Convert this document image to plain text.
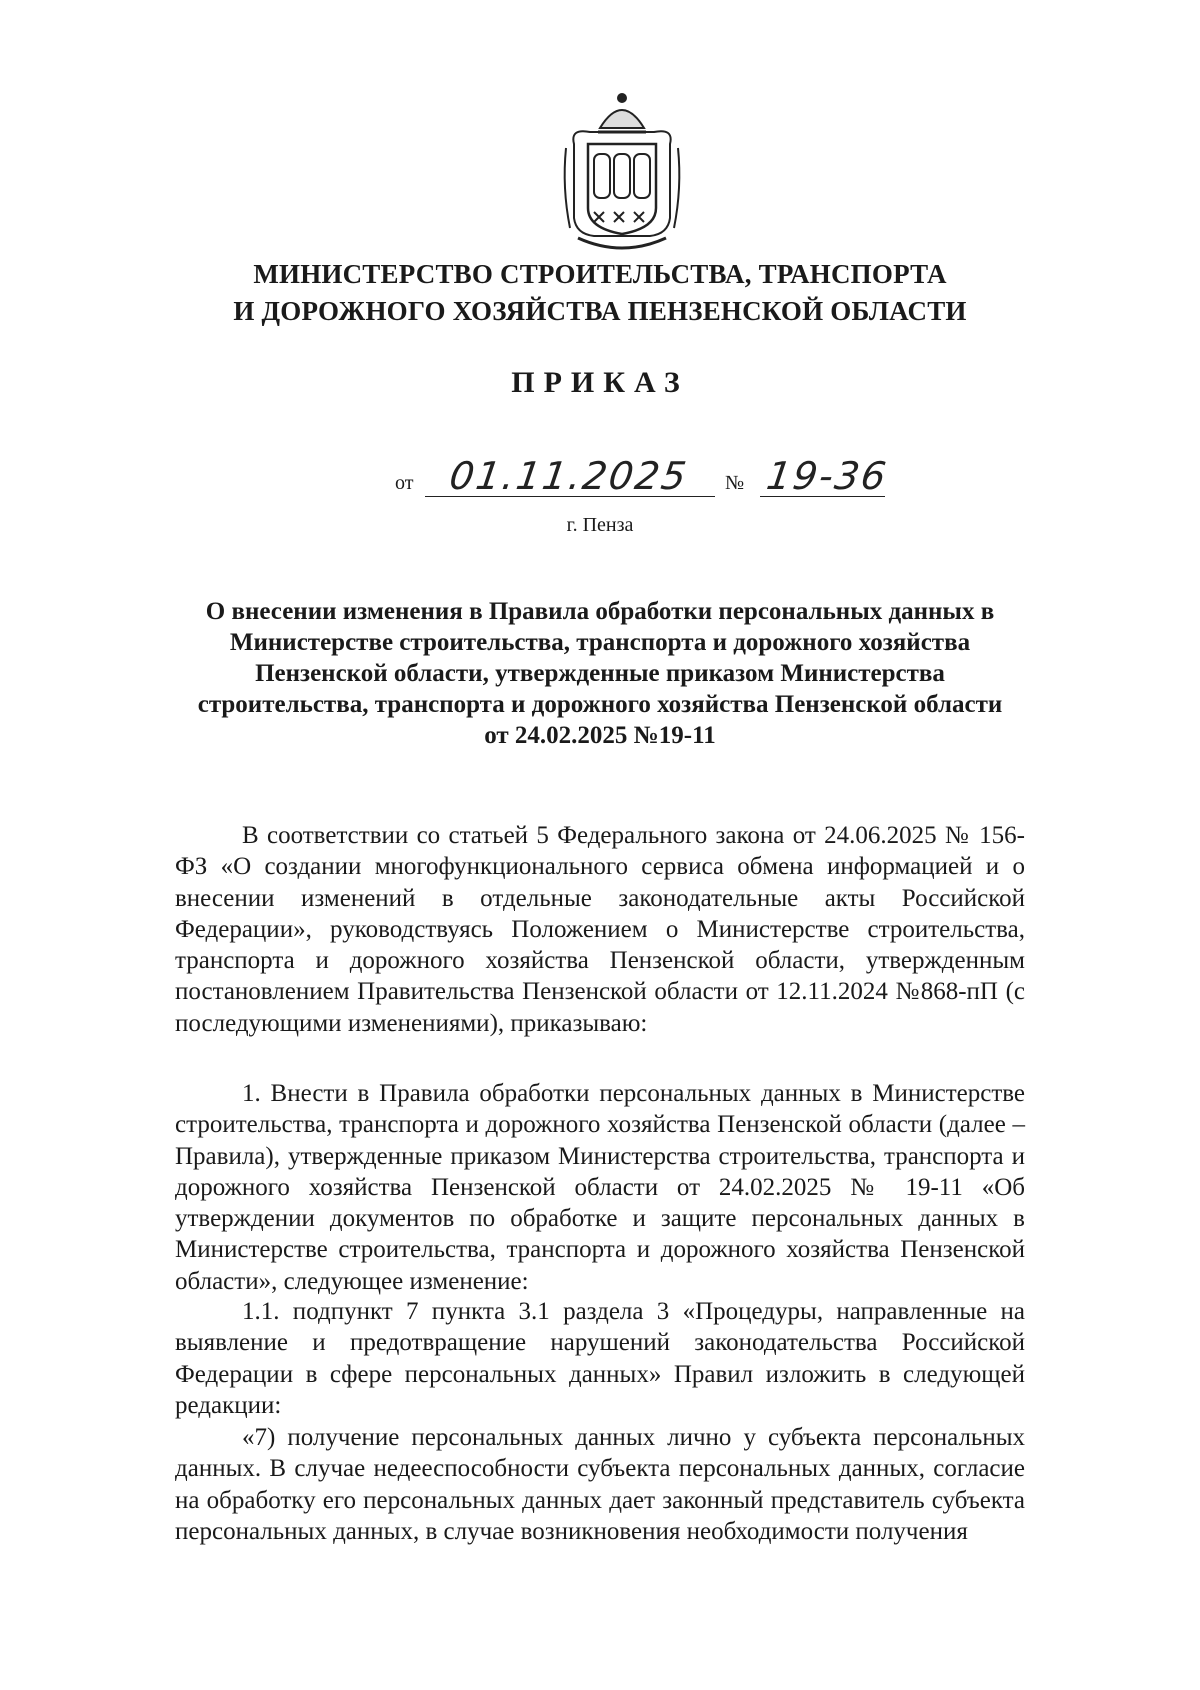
МИНИСТЕРСТВО СТРОИТЕЛЬСТВА, ТРАНСПОРТА
И ДОРОЖНОГО ХОЗЯЙСТВА ПЕНЗЕНСКОЙ ОБЛАСТИ
ПРИКАЗ
от 01.11.2025 № 19-36
г. Пенза
О внесении изменения в Правила обработки персональных данных в
Министерстве строительства, транспорта и дорожного хозяйства
Пензенской области, утвержденные приказом Министерства
строительства, транспорта и дорожного хозяйства Пензенской области
от 24.02.2025 №19-11
В соответствии со статьей 5 Федерального закона от 24.06.2025 № 156-ФЗ «О создании многофункционального сервиса обмена информацией и о внесении изменений в отдельные законодательные акты Российской Федерации», руководствуясь Положением о Министерстве строительства, транспорта и дорожного хозяйства Пензенской области, утвержденным постановлением Правительства Пензенской области от 12.11.2024 №868-пП (с последующими изменениями), приказываю:
1. Внести в Правила обработки персональных данных в Министерстве строительства, транспорта и дорожного хозяйства Пензенской области (далее – Правила), утвержденные приказом Министерства строительства, транспорта и дорожного хозяйства Пензенской области от 24.02.2025 № 19-11 «Об утверждении документов по обработке и защите персональных данных в Министерстве строительства, транспорта и дорожного хозяйства Пензенской области», следующее изменение:
1.1. подпункт 7 пункта 3.1 раздела 3 «Процедуры, направленные на выявление и предотвращение нарушений законодательства Российской Федерации в сфере персональных данных» Правил изложить в следующей редакции:
«7) получение персональных данных лично у субъекта персональных данных. В случае недееспособности субъекта персональных данных, согласие на обработку его персональных данных дает законный представитель субъекта персональных данных, в случае возникновения необходимости получения
